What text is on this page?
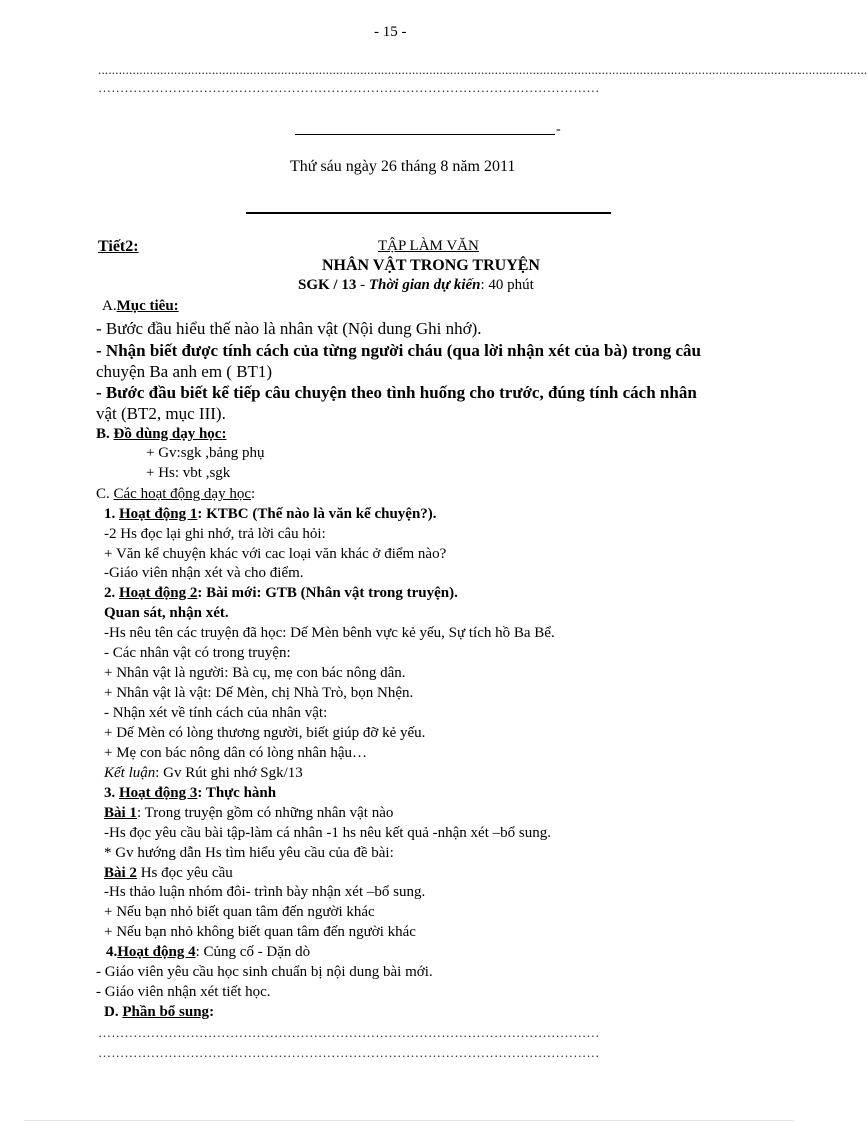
- 15 -
...............................................................................................................................................................................................................................
……………………………………………………………………………………………………
-
Thứ sáu ngày 26 tháng 8 năm 2011
Tiết2:	TẬP LÀM VĂN
NHÂN VẬT TRONG TRUYỆN
SGK / 13 - Thời gian dự kiến: 40 phút
A.Mục tiêu:
- Bước đầu hiểu thế nào là nhân vật (Nội dung Ghi nhớ).
- Nhận biết được tính cách của từng người cháu (qua lời nhận xét của bà) trong câu
chuyện Ba anh em ( BT1)
- Bước đầu biết kể tiếp câu chuyện theo tình huống cho trước, đúng tính cách nhân
vật (BT2, mục III).
B. Đồ dùng dạy học:
+ Gv:sgk ,bảng phụ
+ Hs: vbt ,sgk
C. Các hoạt động dạy học:
1. Hoạt động 1: KTBC (Thế nào là văn kể chuyện?).
-2 Hs đọc lại ghi nhớ, trả lời câu hỏi:
+ Văn kể chuyện khác với cac loại văn khác ở điểm nào?
-Giáo viên nhận xét và cho điểm.
2. Hoạt động 2: Bài mới: GTB (Nhân vật trong truyện).
Quan sát, nhận xét.
-Hs nêu tên các truyện đã học: Dế Mèn bênh vực kẻ yếu, Sự tích hồ Ba Bể.
- Các nhân vật có trong truyện:
+ Nhân vật là người: Bà cụ, mẹ con bác nông dân.
+ Nhân vật là vật: Dế Mèn, chị Nhà Trò, bọn Nhện.
- Nhận xét về tính cách của nhân vật:
+ Dế Mèn có lòng thương người, biết giúp đỡ kẻ yếu.
+ Mẹ con bác nông dân có lòng nhân hậu…
Kết luận: Gv Rút ghi nhớ Sgk/13
3. Hoạt động 3: Thực hành
Bài 1: Trong truyện gồm có những nhân vật nào
-Hs đọc yêu cầu bài tập-làm cá nhân -1 hs nêu kết quả -nhận xét –bổ sung.
* Gv hướng dẫn Hs tìm hiểu yêu cầu của đề bài:
Bài 2 Hs đọc yêu cầu
-Hs thảo luận nhóm đôi- trình bày nhận xét –bổ sung.
+ Nếu bạn nhỏ biết quan tâm đến người khác
+ Nếu bạn nhỏ không biết quan tâm đến người khác
4.Hoạt động 4: Củng cố - Dặn dò
- Giáo viên yêu cầu học sinh chuẩn bị nội dung bài mới.
- Giáo viên nhận xét tiết học.
D. Phần bổ sung:
……………………………………………………………………………………………………
……………………………………………………………………………………………………
